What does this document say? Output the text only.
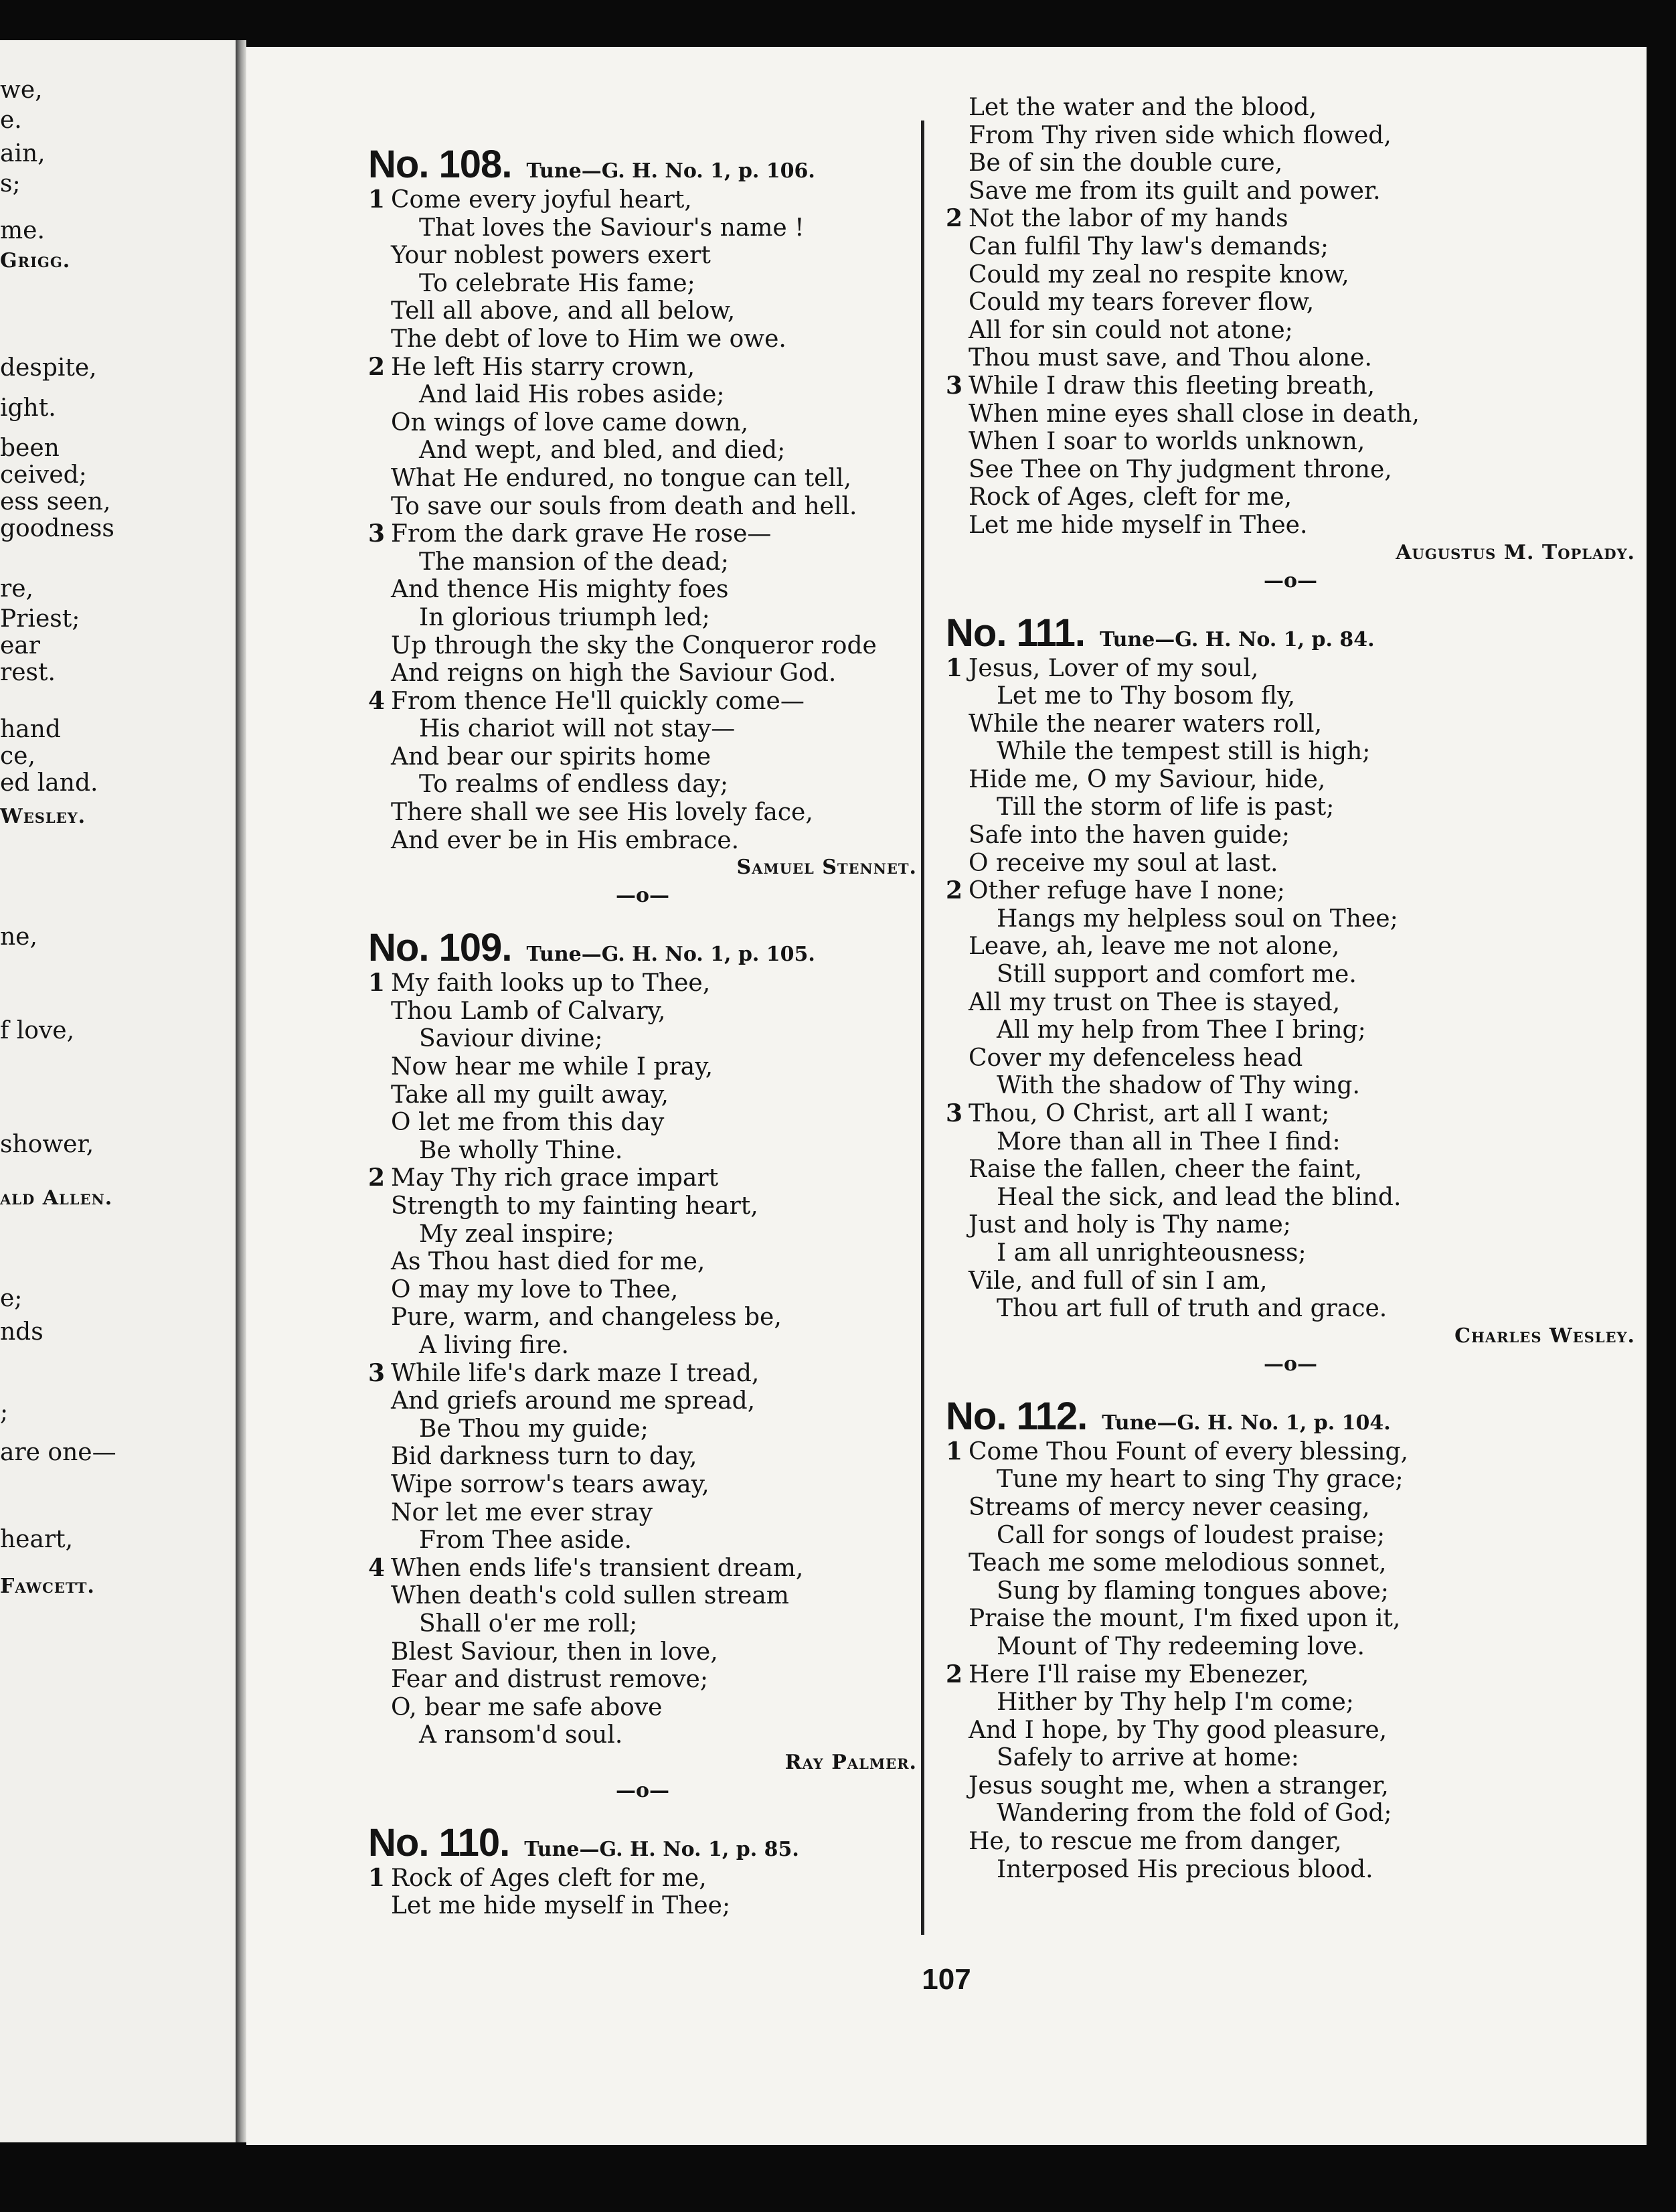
we,
e.
ain,
s;
me.
Grigg.
despite,
ight.
been
ceived;
ess seen,
goodness
re,
Priest;
ear
rest.
hand
ce,
ed land.
Wesley.
ne,
f love,
shower,
ald Allen.
e;
nds
;
are one—
heart,
Fawcett.
No. 108. Tune—G. H. No. 1, p. 106.
1 Come every joyful heart,
That loves the Saviour's name !
Your noblest powers exert
To celebrate His fame;
Tell all above, and all below,
The debt of love to Him we owe.
2 He left His starry crown,
And laid His robes aside;
On wings of love came down,
And wept, and bled, and died;
What He endured, no tongue can tell,
To save our souls from death and hell.
3 From the dark grave He rose—
The mansion of the dead;
And thence His mighty foes
In glorious triumph led;
Up through the sky the Conqueror rode
And reigns on high the Saviour God.
4 From thence He'll quickly come—
His chariot will not stay—
And bear our spirits home
To realms of endless day;
There shall we see His lovely face,
And ever be in His embrace.
Samuel Stennet.
—o—
No. 109. Tune—G. H. No. 1, p. 105.
1 My faith looks up to Thee,
Thou Lamb of Calvary,
Saviour divine;
Now hear me while I pray,
Take all my guilt away,
O let me from this day
Be wholly Thine.
2 May Thy rich grace impart
Strength to my fainting heart,
My zeal inspire;
As Thou hast died for me,
O may my love to Thee,
Pure, warm, and changeless be,
A living fire.
3 While life's dark maze I tread,
And griefs around me spread,
Be Thou my guide;
Bid darkness turn to day,
Wipe sorrow's tears away,
Nor let me ever stray
From Thee aside.
4 When ends life's transient dream,
When death's cold sullen stream
Shall o'er me roll;
Blest Saviour, then in love,
Fear and distrust remove;
O, bear me safe above
A ransom'd soul.
Ray Palmer.
—o—
No. 110. Tune—G. H. No. 1, p. 85.
1 Rock of Ages cleft for me,
Let me hide myself in Thee;
Let the water and the blood,
From Thy riven side which flowed,
Be of sin the double cure,
Save me from its guilt and power.
2 Not the labor of my hands
Can fulfil Thy law's demands;
Could my zeal no respite know,
Could my tears forever flow,
All for sin could not atone;
Thou must save, and Thou alone.
3 While I draw this fleeting breath,
When mine eyes shall close in death,
When I soar to worlds unknown,
See Thee on Thy judgment throne,
Rock of Ages, cleft for me,
Let me hide myself in Thee.
Augustus M. Toplady.
—o—
No. 111. Tune—G. H. No. 1, p. 84.
1 Jesus, Lover of my soul,
Let me to Thy bosom fly,
While the nearer waters roll,
While the tempest still is high;
Hide me, O my Saviour, hide,
Till the storm of life is past;
Safe into the haven guide;
O receive my soul at last.
2 Other refuge have I none;
Hangs my helpless soul on Thee;
Leave, ah, leave me not alone,
Still support and comfort me.
All my trust on Thee is stayed,
All my help from Thee I bring;
Cover my defenceless head
With the shadow of Thy wing.
3 Thou, O Christ, art all I want;
More than all in Thee I find:
Raise the fallen, cheer the faint,
Heal the sick, and lead the blind.
Just and holy is Thy name;
I am all unrighteousness;
Vile, and full of sin I am,
Thou art full of truth and grace.
Charles Wesley.
—o—
No. 112. Tune—G. H. No. 1, p. 104.
1 Come Thou Fount of every blessing,
Tune my heart to sing Thy grace;
Streams of mercy never ceasing,
Call for songs of loudest praise;
Teach me some melodious sonnet,
Sung by flaming tongues above;
Praise the mount, I'm fixed upon it,
Mount of Thy redeeming love.
2 Here I'll raise my Ebenezer,
Hither by Thy help I'm come;
And I hope, by Thy good pleasure,
Safely to arrive at home:
Jesus sought me, when a stranger,
Wandering from the fold of God;
He, to rescue me from danger,
Interposed His precious blood.
107
